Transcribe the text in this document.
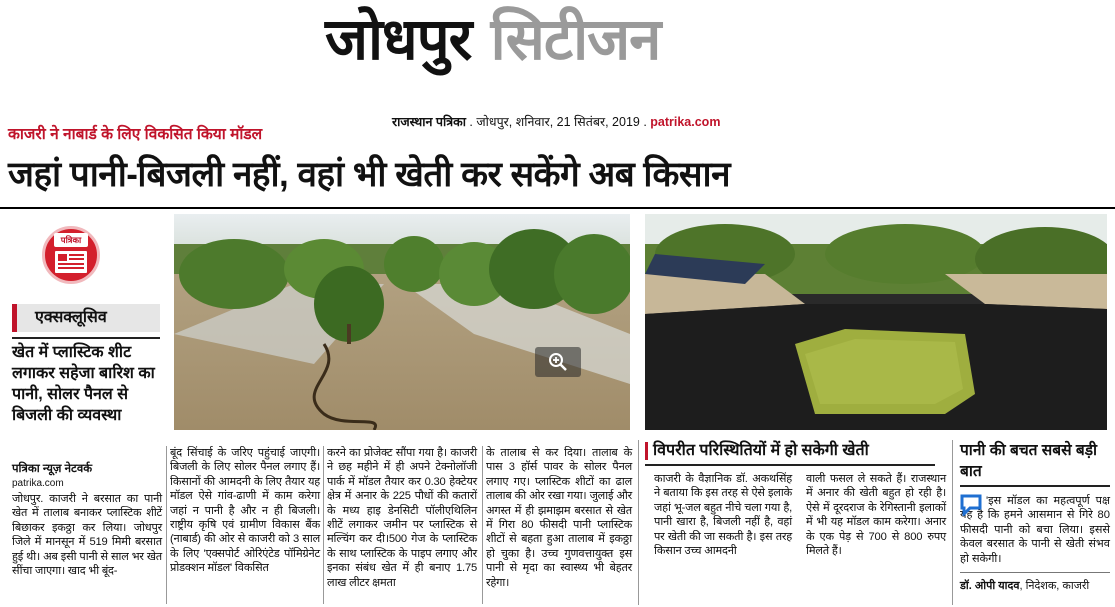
जोधपुर सिटीजन
राजस्थान पत्रिका . जोधपुर, शनिवार, 21 सितंबर, 2019 . patrika.com
काजरी ने नाबार्ड के लिए विकसित किया मॉडल
जहां पानी-बिजली नहीं, वहां भी खेती कर सकेंगे अब किसान
पत्रिका
एक्सक्लूसिव
खेत में प्लास्टिक शीट लगाकर सहेजा बारिश का पानी, सोलर पैनल से बिजली की व्यवस्था
पत्रिका न्यूज़ नेटवर्क
patrika.com
जोधपुर. काजरी ने बरसात का पानी खेत में तालाब बनाकर प्लास्टिक शीटें बिछाकर इकठ्ठा कर लिया। जोधपुर जिले में मानसून में 519 मिमी बरसात हुई थी। अब इसी पानी से साल भर खेत सींचा जाएगा। खाद भी बूंद-
बूंद सिंचाई के जरिए पहुंचाई जाएगी। बिजली के लिए सोलर पैनल लगाए हैं। किसानों की आमदनी के लिए तैयार यह मॉडल ऐसे गांव-ढाणी में काम करेगा जहां न पानी है और न ही बिजली। राष्ट्रीय कृषि एवं ग्रामीण विकास बैंक (नाबार्ड) की ओर से काजरी को 3 साल के लिए 'एक्सपोर्ट ओरिएंटेड पॉमिग्रेनेट प्रोडक्शन मॉडल' विकसित
करने का प्रोजेक्ट सौंपा गया है। काजरी ने छह महीने में ही अपने टेक्नोलॉजी पार्क में मॉडल तैयार कर 0.30 हेक्टेयर क्षेत्र में अनार के 225 पौधों की कतारों के मध्य हाइ डेनसिटी पॉलीएथिलिन शीटें लगाकर जमीन पर प्लास्टिक से मल्चिंग कर दी।500 गेज के प्लास्टिक के साथ प्लास्टिक के पाइप लगाए और इनका संबंध खेत में ही बनाए 1.75 लाख लीटर क्षमता
के तालाब से कर दिया। तालाब के पास 3 हॉर्स पावर के सोलर पैनल लगाए गए। प्लास्टिक शीटों का ढाल तालाब की ओर रखा गया। जुलाई और अगस्त में ही झमाझम बरसात से खेत में गिरा 80 फीसदी पानी प्लास्टिक शीटों से बहता हुआ तालाब में इकठ्ठा हो चुका है। उच्च गुणवत्तायुक्त इस पानी से मृदा का स्वास्थ्य भी बेहतर रहेगा।
विपरीत परिस्थितियों में हो सकेगी खेती
काजरी के वैज्ञानिक डॉ. अकथसिंह ने बताया कि इस तरह से ऐसे इलाके जहां भू-जल बहुत नीचे चला गया है, पानी खारा है, बिजली नहीं है, वहां पर खेती की जा सकती है। इस तरह किसान उच्च आमदनी
वाली फसल ले सकते हैं। राजस्थान में अनार की खेती बहुत हो रही है। ऐसे में दूरदराज के रेगिस्तानी इलाकों में भी यह मॉडल काम करेगा। अनार के एक पेड़ से 700 से 800 रुपए मिलते हैं।
पानी की बचत सबसे बड़ी बात
'इस मॉडल का महत्वपूर्ण पक्ष यह है कि हमने आसमान से गिरे 80 फीसदी पानी को बचा लिया। इससे केवल बरसात के पानी से खेती संभव हो सकेगी।
डॉ. ओपी यादव, निदेशक, काजरी
